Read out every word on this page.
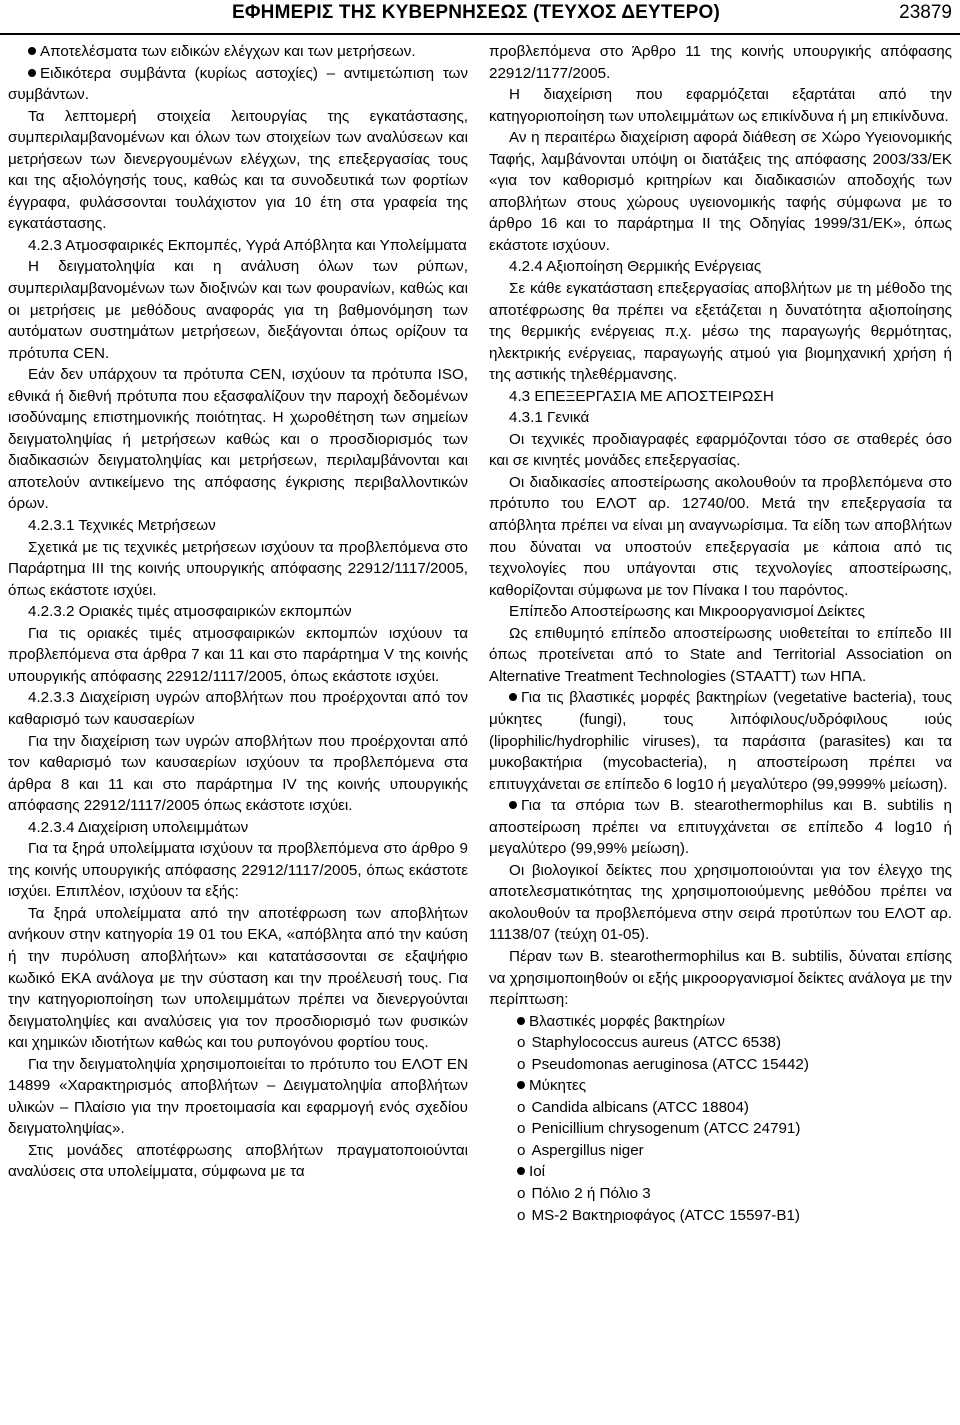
ΕΦΗΜΕΡΙΣ ΤΗΣ ΚΥΒΕΡΝΗΣΕΩΣ (ΤΕΥΧΟΣ ΔΕΥΤΕΡΟ)	23879

Αποτελέσματα των ειδικών ελέγχων και των μετρήσεων.

Ειδικότερα συμβάντα (κυρίως αστοχίες) – αντιμετώπιση των συμβάντων.

Τα λεπτομερή στοιχεία λειτουργίας της εγκατάστασης, συμπεριλαμβανομένων και όλων των στοιχείων των αναλύσεων και μετρήσεων των διενεργουμένων ελέγχων, της επεξεργασίας τους και της αξιολόγησής τους, καθώς και τα συνοδευτικά των φορτίων έγγραφα, φυλάσσονται τουλάχιστον για 10 έτη στα γραφεία της εγκατάστασης.

4.2.3 Ατμοσφαιρικές Εκπομπές, Υγρά Απόβλητα και Υπολείμματα

Η δειγματοληψία και η ανάλυση όλων των ρύπων, συμπεριλαμβανομένων των διοξινών και των φουρανίων, καθώς και οι μετρήσεις με μεθόδους αναφοράς για τη βαθμονόμηση των αυτόματων συστημάτων μετρήσεων, διεξάγονται όπως ορίζουν τα πρότυπα CEN.

Εάν δεν υπάρχουν τα πρότυπα CEN, ισχύουν τα πρότυπα ISO, εθνικά ή διεθνή πρότυπα που εξασφαλίζουν την παροχή δεδομένων ισοδύναμης επιστημονικής ποιότητας. Η χωροθέτηση των σημείων δειγματοληψίας ή μετρήσεων καθώς και ο προσδιορισμός των διαδικασιών δειγματοληψίας και μετρήσεων, περιλαμβάνονται και αποτελούν αντικείμενο της απόφασης έγκρισης περιβαλλοντικών όρων.

4.2.3.1 Τεχνικές Μετρήσεων

Σχετικά με τις τεχνικές μετρήσεων ισχύουν τα προβλεπόμενα στο Παράρτημα ΙΙΙ της κοινής υπουργικής απόφασης 22912/1117/2005, όπως εκάστοτε ισχύει.

4.2.3.2 Οριακές τιμές ατμοσφαιρικών εκπομπών

Για τις οριακές τιμές ατμοσφαιρικών εκπομπών ισχύουν τα προβλεπόμενα στα άρθρα 7 και 11 και στο παράρτημα V της κοινής υπουργικής απόφασης 22912/1117/2005, όπως εκάστοτε ισχύει.

4.2.3.3 Διαχείριση υγρών αποβλήτων που προέρχονται από τον καθαρισμό των καυσαερίων

Για την διαχείριση των υγρών αποβλήτων που προέρχονται από τον καθαρισμό των καυσαερίων ισχύουν τα προβλεπόμενα στα άρθρα 8 και 11 και στο παράρτημα IV της κοινής υπουργικής απόφασης 22912/1117/2005 όπως εκάστοτε ισχύει.

4.2.3.4 Διαχείριση υπολειμμάτων

Για τα ξηρά υπολείμματα ισχύουν τα προβλεπόμενα στο άρθρο 9 της κοινής υπουργικής απόφασης 22912/1117/2005, όπως εκάστοτε ισχύει. Επιπλέον, ισχύουν τα εξής:

Τα ξηρά υπολείμματα από την αποτέφρωση των αποβλήτων ανήκουν στην κατηγορία 19 01 του ΕΚΑ, «απόβλητα από την καύση ή την πυρόλυση αποβλήτων» και κατατάσσονται σε εξαψήφιο κωδικό ΕΚΑ ανάλογα με την σύσταση και την προέλευσή τους. Για την κατηγοριοποίηση των υπολειμμάτων πρέπει να διενεργούνται δειγματοληψίες και αναλύσεις για τον προσδιορισμό των φυσικών και χημικών ιδιοτήτων καθώς και του ρυπογόνου φορτίου τους.

Για την δειγματοληψία χρησιμοποιείται το πρότυπο του ΕΛΟΤ ΕΝ 14899 «Χαρακτηρισμός αποβλήτων – Δειγματοληψία αποβλήτων υλικών – Πλαίσιο για την προετοιμασία και εφαρμογή ενός σχεδίου δειγματοληψίας».

Στις μονάδες αποτέφρωσης αποβλήτων πραγματοποιούνται αναλύσεις στα υπολείμματα, σύμφωνα με τα

προβλεπόμενα στο Άρθρο 11 της κοινής υπουργικής απόφασης 22912/1177/2005.

Η διαχείριση που εφαρμόζεται εξαρτάται από την κατηγοριοποίηση των υπολειμμάτων ως επικίνδυνα ή μη επικίνδυνα.

Αν η περαιτέρω διαχείριση αφορά διάθεση σε Χώρο Υγειονομικής Ταφής, λαμβάνονται υπόψη οι διατάξεις της απόφασης 2003/33/ΕΚ «για τον καθορισμό κριτηρίων και διαδικασιών αποδοχής των αποβλήτων στους χώρους υγειονομικής ταφής σύμφωνα με το άρθρο 16 και το παράρτημα ΙΙ της Οδηγίας 1999/31/ΕΚ», όπως εκάστοτε ισχύουν.

4.2.4 Αξιοποίηση Θερμικής Ενέργειας

Σε κάθε εγκατάσταση επεξεργασίας αποβλήτων με τη μέθοδο της αποτέφρωσης θα πρέπει να εξετάζεται η δυνατότητα αξιοποίησης της θερμικής ενέργειας π.χ. μέσω της παραγωγής θερμότητας, ηλεκτρικής ενέργειας, παραγωγής ατμού για βιομηχανική χρήση ή της αστικής τηλεθέρμανσης.

4.3 ΕΠΕΞΕΡΓΑΣΙΑ ΜΕ ΑΠΟΣΤΕΙΡΩΣΗ

4.3.1 Γενικά

Οι τεχνικές προδιαγραφές εφαρμόζονται τόσο σε σταθερές όσο και σε κινητές μονάδες επεξεργασίας.

Οι διαδικασίες αποστείρωσης ακολουθούν τα προβλεπόμενα στο πρότυπο του ΕΛΟΤ αρ. 12740/00. Μετά την επεξεργασία τα απόβλητα πρέπει να είναι μη αναγνωρίσιμα. Τα είδη των αποβλήτων που δύναται να υποστούν επεξεργασία με κάποια από τις τεχνολογίες που υπάγονται στις τεχνολογίες αποστείρωσης, καθορίζονται σύμφωνα με τον Πίνακα Ι του παρόντος.

Επίπεδο Αποστείρωσης και Μικροοργανισμοί Δείκτες

Ως επιθυμητό επίπεδο αποστείρωσης υιοθετείται το επίπεδο ΙΙΙ όπως προτείνεται από το State and Territorial Association on Alternative Treatment Technologies (STAATT) των ΗΠΑ.

Για τις βλαστικές μορφές βακτηρίων (vegetative bacteria), τους μύκητες (fungi), τους λιπόφιλους/υδρόφιλους ιούς (lipophilic/hydrophilic viruses), τα παράσιτα (parasites) και τα μυκοβακτήρια (mycobacteria), η αποστείρωση πρέπει να επιτυγχάνεται σε επίπεδο 6 log10 ή μεγαλύτερο (99,9999% μείωση).

Για τα σπόρια των B. stearothermophilus και B. subtilis η αποστείρωση πρέπει να επιτυγχάνεται σε επίπεδο 4 log10 ή μεγαλύτερο (99,99% μείωση).

Οι βιολογικοί δείκτες που χρησιμοποιούνται για τον έλεγχο της αποτελεσματικότητας της χρησιμοποιούμενης μεθόδου πρέπει να ακολουθούν τα προβλεπόμενα στην σειρά προτύπων του ΕΛΟΤ αρ. 11138/07 (τεύχη 01-05).

Πέραν των B. stearothermophilus και B. subtilis, δύναται επίσης να χρησιμοποιηθούν οι εξής μικροοργανισμοί δείκτες ανάλογα με την περίπτωση:

Βλαστικές μορφές βακτηρίων

o Staphylococcus aureus (ATCC 6538)

o Pseudomonas aeruginosa (ATCC 15442)

Μύκητες

o Candida albicans (ATCC 18804)

o Penicillium chrysogenum (ATCC 24791)

o Aspergillus niger

Ιοί

o Πόλιο 2 ή Πόλιο 3

o MS-2 Βακτηριοφάγος (ATCC 15597-B1)
